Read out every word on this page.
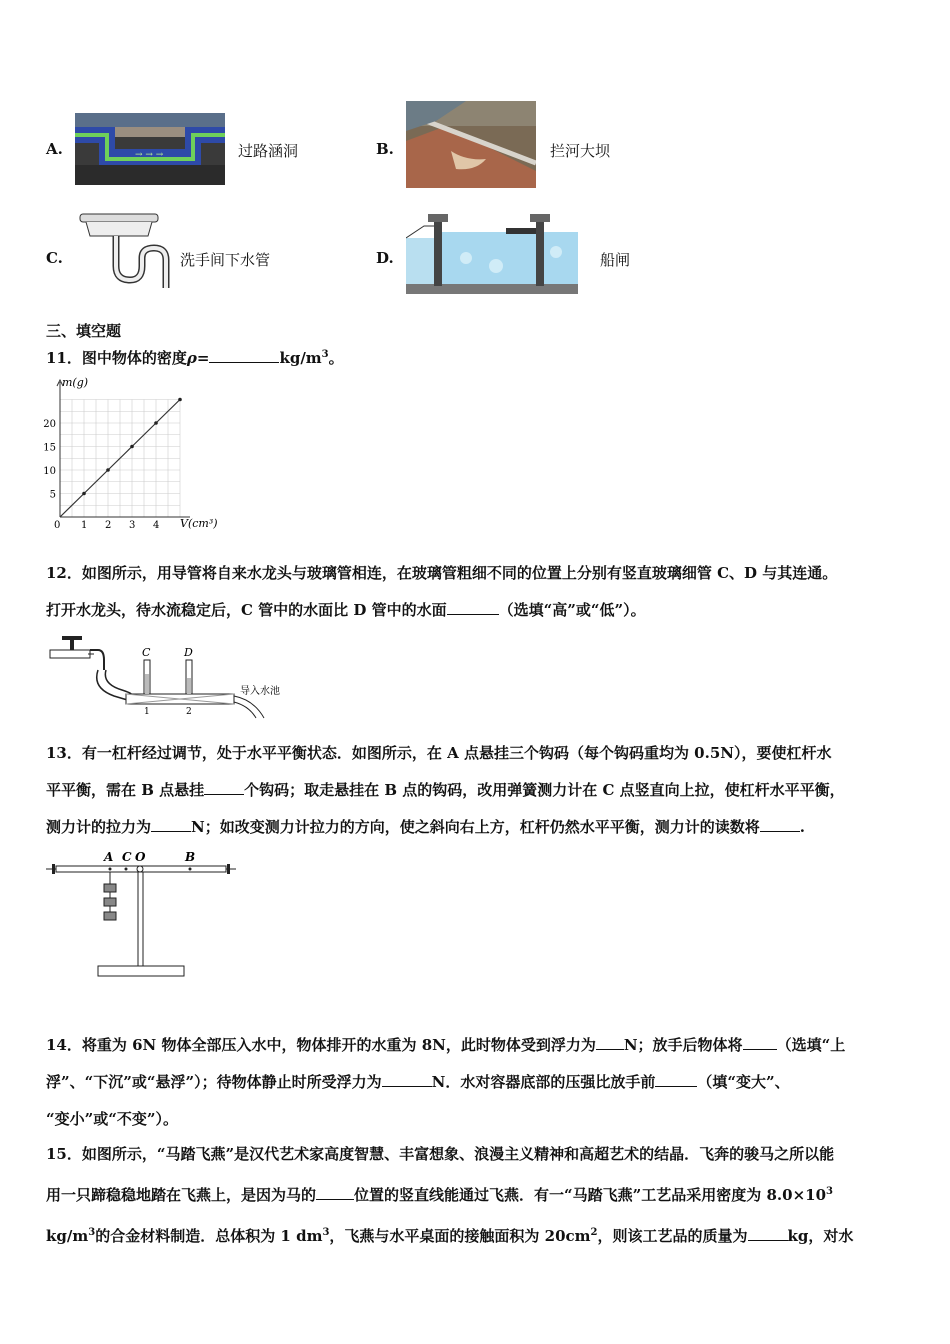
A.	→ → →	过路涵洞	B.	拦河大坝
C.	洗手间下水管	D.	船闸
三、填空题
11．图中物体的密度ρ=	$kg/m^3$。
m(g)
V(cm³)
0 1 2 3 4
5
10
15
20
12．如图所示，用导管将自来水龙头与玻璃管相连，在玻璃管粗细不同的位置上分别有竖直玻璃细管 C、D 与其连通。
打开水龙头，待水流稳定后，C 管中的水面比 D 管中的水面	（选填“高”或“低”）。
C	D
1	2
导入水池
13．有一杠杆经过调节，处于水平平衡状态．如图所示，在 A 点悬挂三个钩码（每个钩码重均为 0.5N），要使杠杆水
平平衡，需在 B 点悬挂	个钩码；取走悬挂在 B 点的钩码，改用弹簧测力计在 C 点竖直向上拉，使杠杆水平平衡，
测力计的拉力为	N；如改变测力计拉力的方向，使之斜向右上方，杠杆仍然水平平衡，测力计的读数将	.
A C O	B
14．将重为 6N 物体全部压入水中，物体排开的水重为 8N，此时物体受到浮力为 N；放手后物体将 （选填“上
浮”、“下沉”或“悬浮”）；待物体静止时所受浮力为	N．水对容器底部的压强比放手前	（填“变大”、
“变小”或“不变”）。
15．如图所示，“马踏飞燕”是汉代艺术家高度智慧、丰富想象、浪漫主义精神和高超艺术的结晶．飞奔的骏马之所以能
用一只蹄稳稳地踏在飞燕上，是因为马的	位置的竖直线能通过飞燕．有一“马踏飞燕”工艺品采用密度为 $8.0\times 10^3$
$kg/m^3$的合金材料制造．总体积为 1 $dm^3$，飞燕与水平桌面的接触面积为 $20cm^2$，则该工艺品的质量为	kg，对水
